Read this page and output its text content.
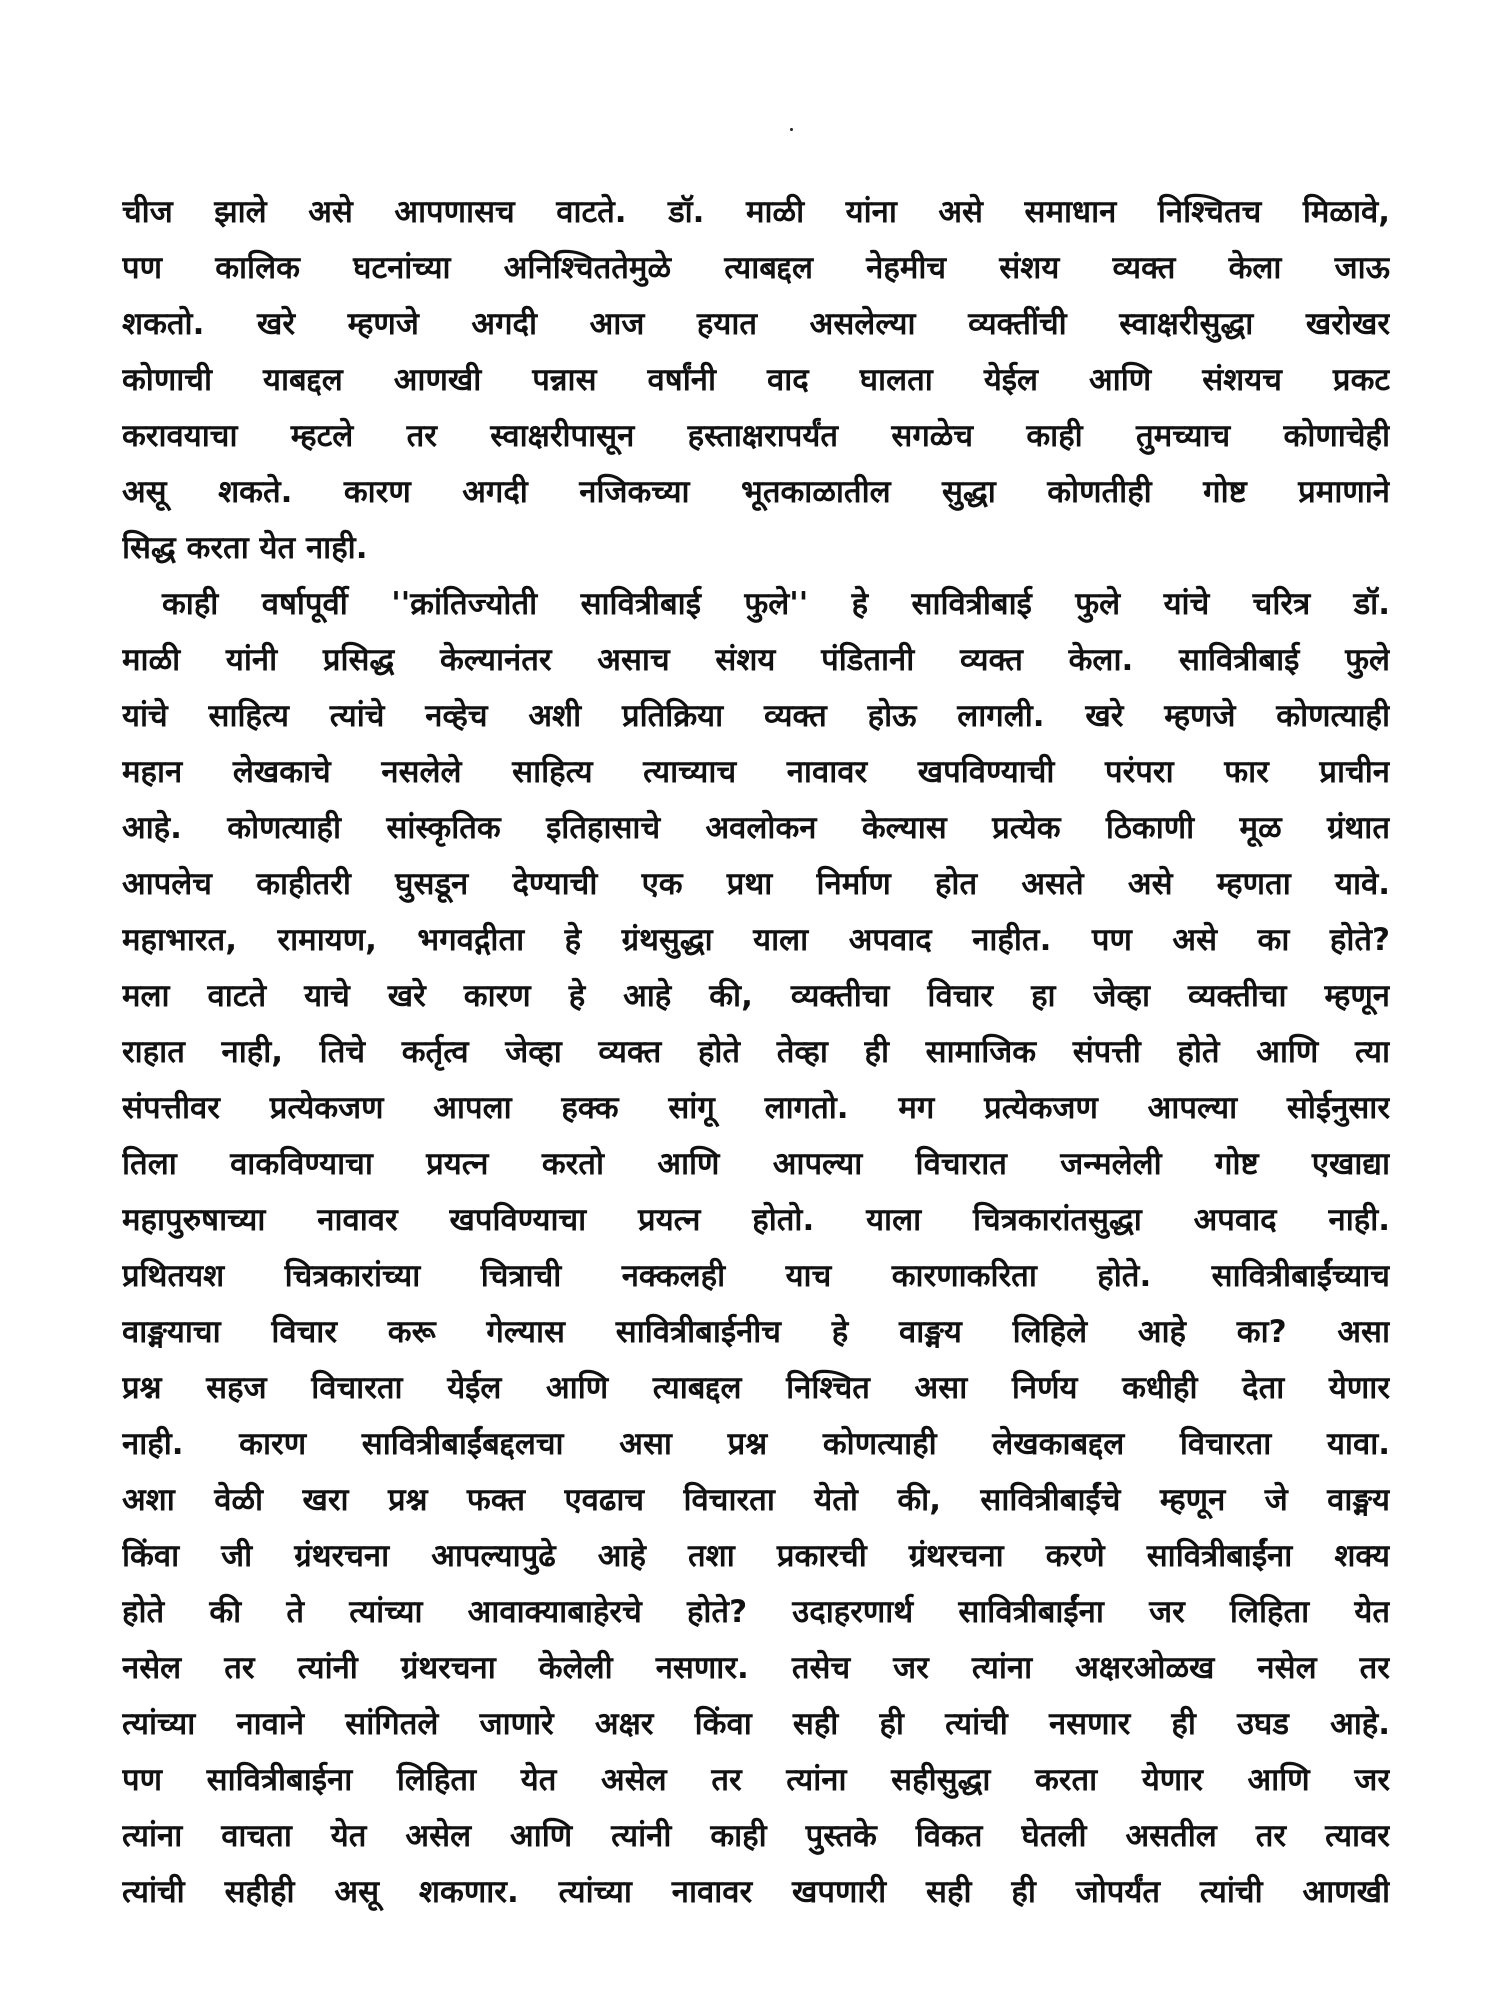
चीज झाले असे आपणासच वाटते. डॉ. माळी यांना असे समाधान निश्चितच मिळावे,
पण कालिक घटनांच्या अनिश्चिततेमुळे त्याबद्दल नेहमीच संशय व्यक्त केला जाऊ
शकतो. खरे म्हणजे अगदी आज हयात असलेल्या व्यक्तींची स्वाक्षरीसुद्धा खरोखर
कोणाची याबद्दल आणखी पन्नास वर्षांनी वाद घालता येईल आणि संशयच प्रकट
करावयाचा म्हटले तर स्वाक्षरीपासून हस्ताक्षरापर्यंत सगळेच काही तुमच्याच कोणाचेही
असू शकते. कारण अगदी नजिकच्या भूतकाळातील सुद्धा कोणतीही गोष्ट प्रमाणाने
सिद्ध करता येत नाही.
काही वर्षापूर्वी ''क्रांतिज्योती सावित्रीबाई फुले'' हे सावित्रीबाई फुले यांचे चरित्र डॉ.
माळी यांनी प्रसिद्ध केल्यानंतर असाच संशय पंडितानी व्यक्त केला. सावित्रीबाई फुले
यांचे साहित्य त्यांचे नव्हेच अशी प्रतिक्रिया व्यक्त होऊ लागली. खरे म्हणजे कोणत्याही
महान लेखकाचे नसलेले साहित्य त्याच्याच नावावर खपविण्याची परंपरा फार प्राचीन
आहे. कोणत्याही सांस्कृतिक इतिहासाचे अवलोकन केल्यास प्रत्येक ठिकाणी मूळ ग्रंथात
आपलेच काहीतरी घुसडून देण्याची एक प्रथा निर्माण होत असते असे म्हणता यावे.
महाभारत, रामायण, भगवद्गीता हे ग्रंथसुद्धा याला अपवाद नाहीत. पण असे का होते?
मला वाटते याचे खरे कारण हे आहे की, व्यक्तीचा विचार हा जेव्हा व्यक्तीचा म्हणून
राहात नाही, तिचे कर्तृत्व जेव्हा व्यक्त होते तेव्हा ही सामाजिक संपत्ती होते आणि त्या
संपत्तीवर प्रत्येकजण आपला हक्क सांगू लागतो. मग प्रत्येकजण आपल्या सोईनुसार
तिला वाकविण्याचा प्रयत्न करतो आणि आपल्या विचारात जन्मलेली गोष्ट एखाद्या
महापुरुषाच्या नावावर खपविण्याचा प्रयत्न होतो. याला चित्रकारांतसुद्धा अपवाद नाही.
प्रथितयश चित्रकारांच्या चित्राची नक्कलही याच कारणाकरिता होते. सावित्रीबाईंच्याच
वाङ्मयाचा विचार करू गेल्यास सावित्रीबाईनीच हे वाङ्मय लिहिले आहे का? असा
प्रश्न सहज विचारता येईल आणि त्याबद्दल निश्चित असा निर्णय कधीही देता येणार
नाही. कारण सावित्रीबाईंबद्दलचा असा प्रश्न कोणत्याही लेखकाबद्दल विचारता यावा.
अशा वेळी खरा प्रश्न फक्त एवढाच विचारता येतो की, सावित्रीबाईंचे म्हणून जे वाङ्मय
किंवा जी ग्रंथरचना आपल्यापुढे आहे तशा प्रकारची ग्रंथरचना करणे सावित्रीबाईंना शक्य
होते की ते त्यांच्या आवाक्याबाहेरचे होते? उदाहरणार्थ सावित्रीबाईंना जर लिहिता येत
नसेल तर त्यांनी ग्रंथरचना केलेली नसणार. तसेच जर त्यांना अक्षरओळख नसेल तर
त्यांच्या नावाने सांगितले जाणारे अक्षर किंवा सही ही त्यांची नसणार ही उघड आहे.
पण सावित्रीबाईना लिहिता येत असेल तर त्यांना सहीसुद्धा करता येणार आणि जर
त्यांना वाचता येत असेल आणि त्यांनी काही पुस्तके विकत घेतली असतील तर त्यावर
त्यांची सहीही असू शकणार. त्यांच्या नावावर खपणारी सही ही जोपर्यंत त्यांची आणखी
